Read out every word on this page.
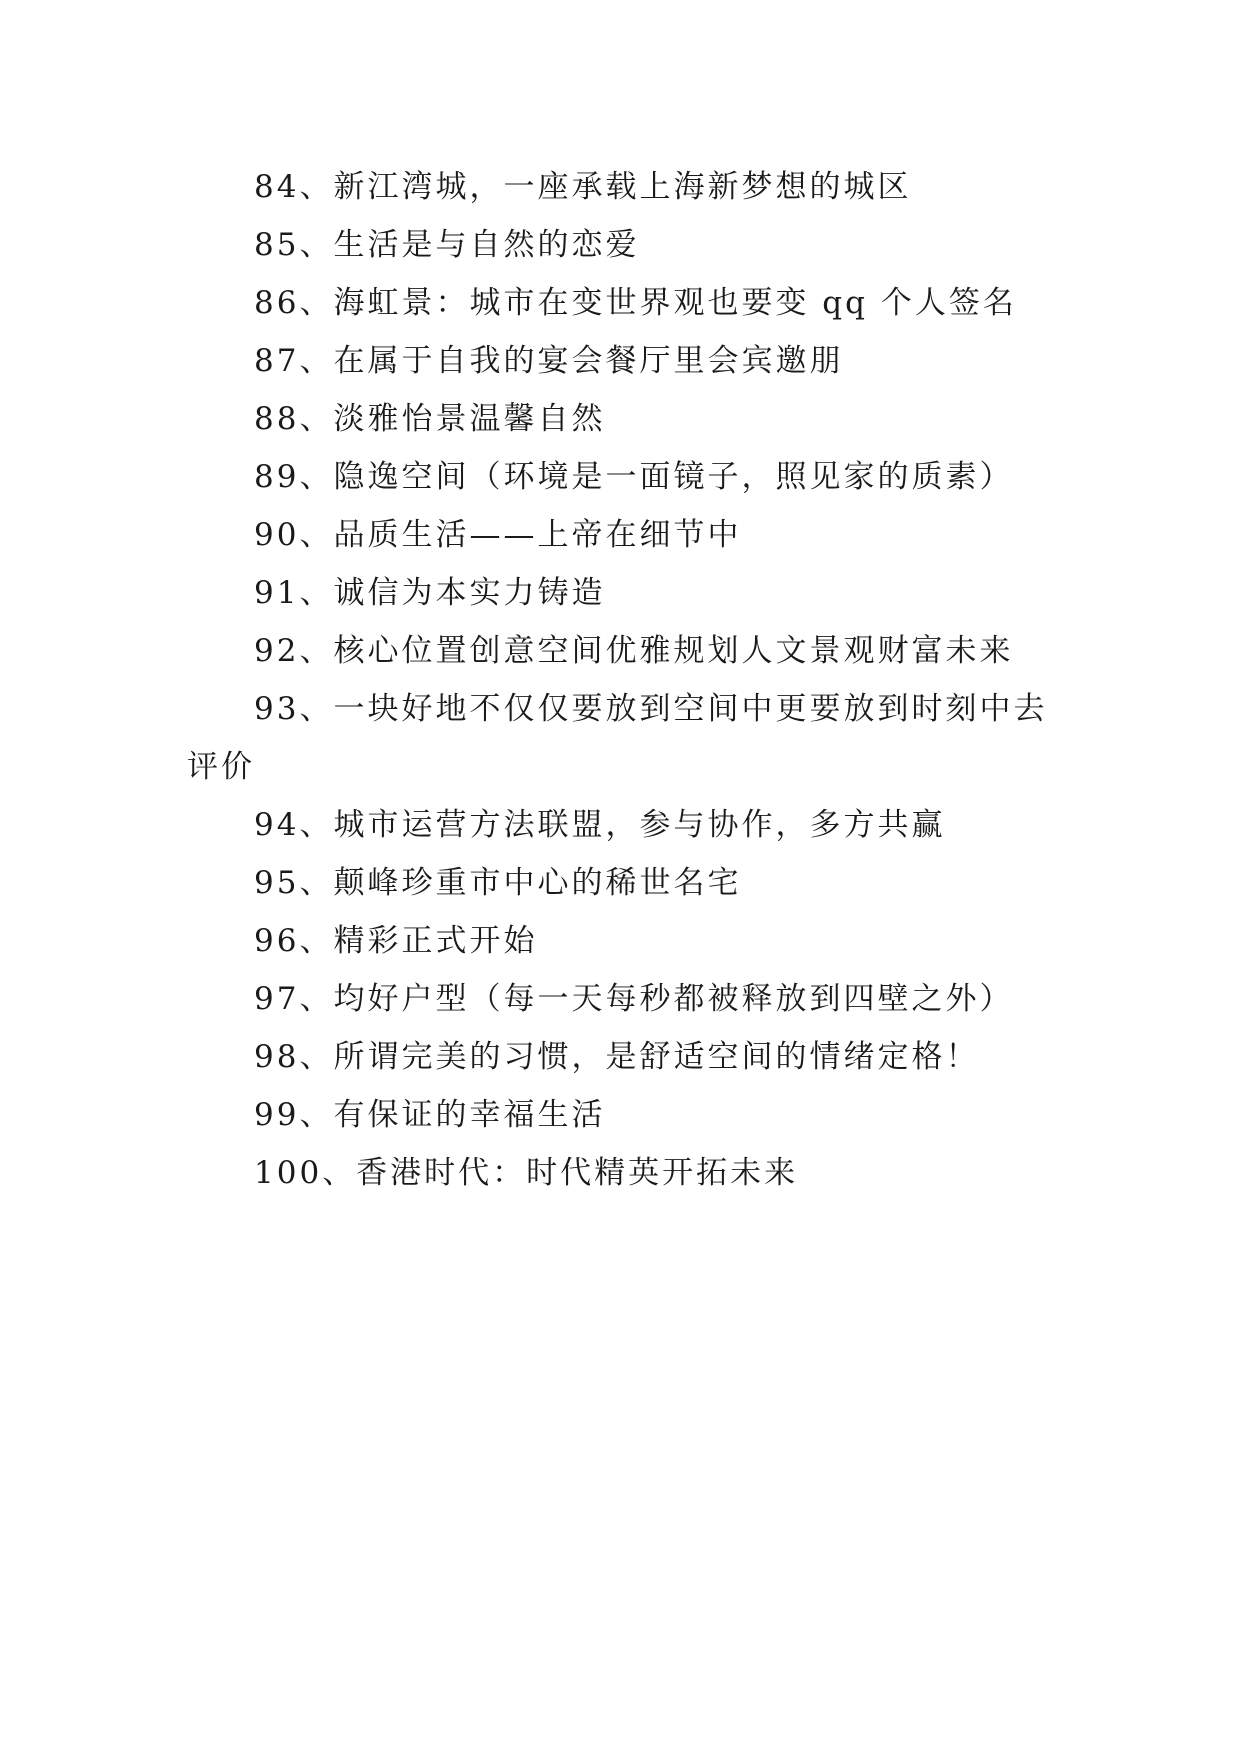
84、新江湾城，一座承载上海新梦想的城区
85、生活是与自然的恋爱
86、海虹景：城市在变世界观也要变 qq 个人签名
87、在属于自我的宴会餐厅里会宾邀朋
88、淡雅怡景温馨自然
89、隐逸空间（环境是一面镜子，照见家的质素）
90、品质生活——上帝在细节中
91、诚信为本实力铸造
92、核心位置创意空间优雅规划人文景观财富未来
93、一块好地不仅仅要放到空间中更要放到时刻中去评价
94、城市运营方法联盟，参与协作，多方共赢
95、颠峰珍重市中心的稀世名宅
96、精彩正式开始
97、均好户型（每一天每秒都被释放到四壁之外）
98、所谓完美的习惯，是舒适空间的情绪定格！
99、有保证的幸福生活
100、香港时代：时代精英开拓未来
